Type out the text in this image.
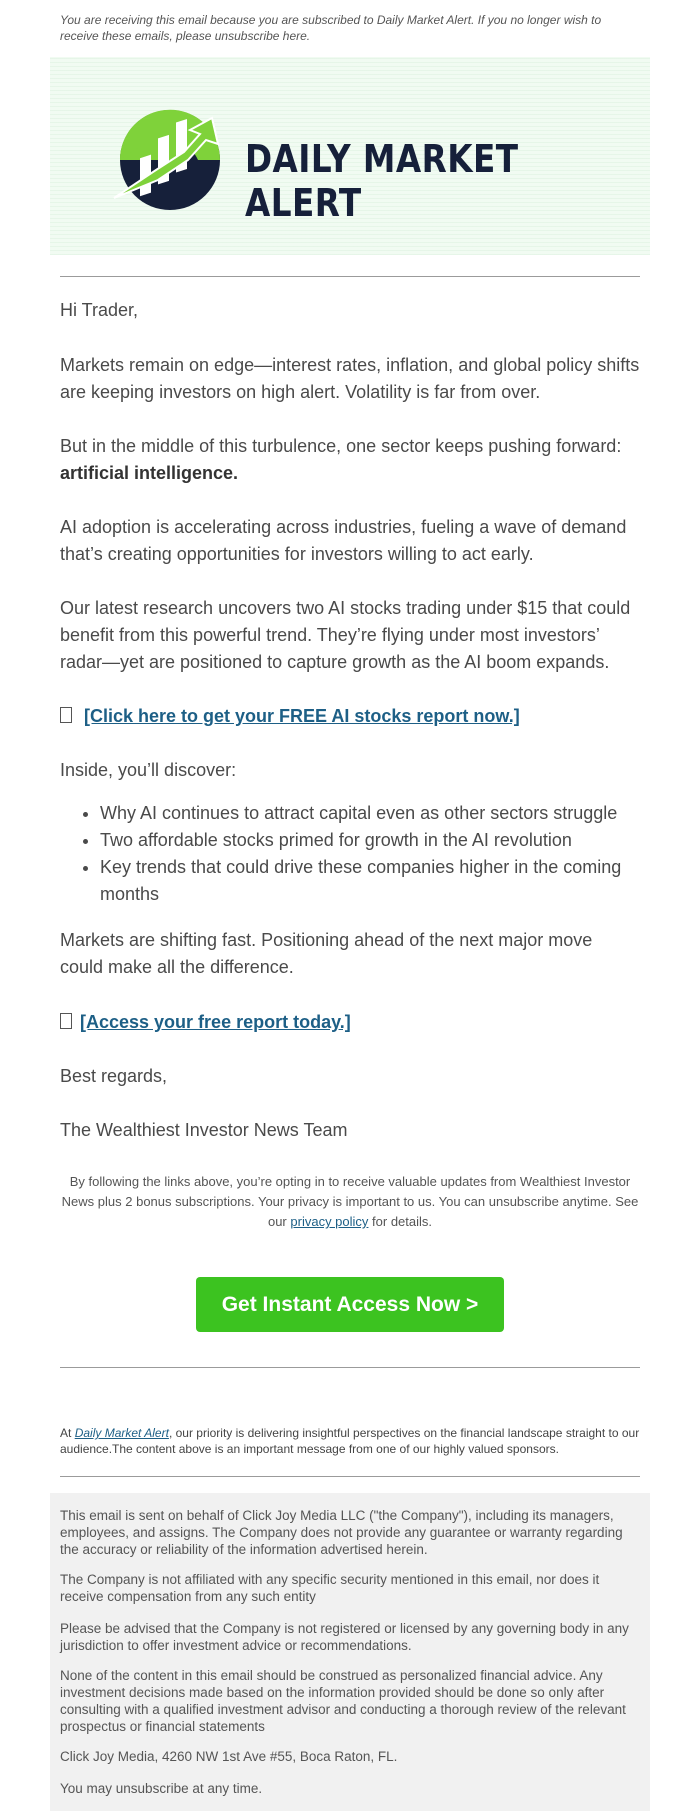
You are receiving this email because you are subscribed to Daily Market Alert. If you no longer wish to receive these emails, please unsubscribe here.
DAILY MARKET ALERT

Hi Trader,

Markets remain on edge—interest rates, inflation, and global policy shifts are keeping investors on high alert. Volatility is far from over.

But in the middle of this turbulence, one sector keeps pushing forward:
artificial intelligence.

AI adoption is accelerating across industries, fueling a wave of demand that’s creating opportunities for investors willing to act early.

Our latest research uncovers two AI stocks trading under $15 that could benefit from this powerful trend. They’re flying under most investors’ radar—yet are positioned to capture growth as the AI boom expands.

[Click here to get your FREE AI stocks report now.]

Inside, you’ll discover:

• Why AI continues to attract capital even as other sectors struggle
• Two affordable stocks primed for growth in the AI revolution
• Key trends that could drive these companies higher in the coming months

Markets are shifting fast. Positioning ahead of the next major move could make all the difference.

[Access your free report today.]

Best regards,

The Wealthiest Investor News Team

By following the links above, you’re opting in to receive valuable updates from Wealthiest Investor News plus 2 bonus subscriptions. Your privacy is important to us. You can unsubscribe anytime. See our privacy policy for details.
Get Instant Access Now >
At Daily Market Alert, our priority is delivering insightful perspectives on the financial landscape straight to our audience.The content above is an important message from one of our highly valued sponsors.

This email is sent on behalf of Click Joy Media LLC ("the Company"), including its managers, employees, and assigns. The Company does not provide any guarantee or warranty regarding the accuracy or reliability of the information advertised herein.

The Company is not affiliated with any specific security mentioned in this email, nor does it receive compensation from any such entity

Please be advised that the Company is not registered or licensed by any governing body in any jurisdiction to offer investment advice or recommendations.

None of the content in this email should be construed as personalized financial advice. Any investment decisions made based on the information provided should be done so only after consulting with a qualified investment advisor and conducting a thorough review of the relevant prospectus or financial statements

Click Joy Media, 4260 NW 1st Ave #55, Boca Raton, FL.

You may unsubscribe at any time.
